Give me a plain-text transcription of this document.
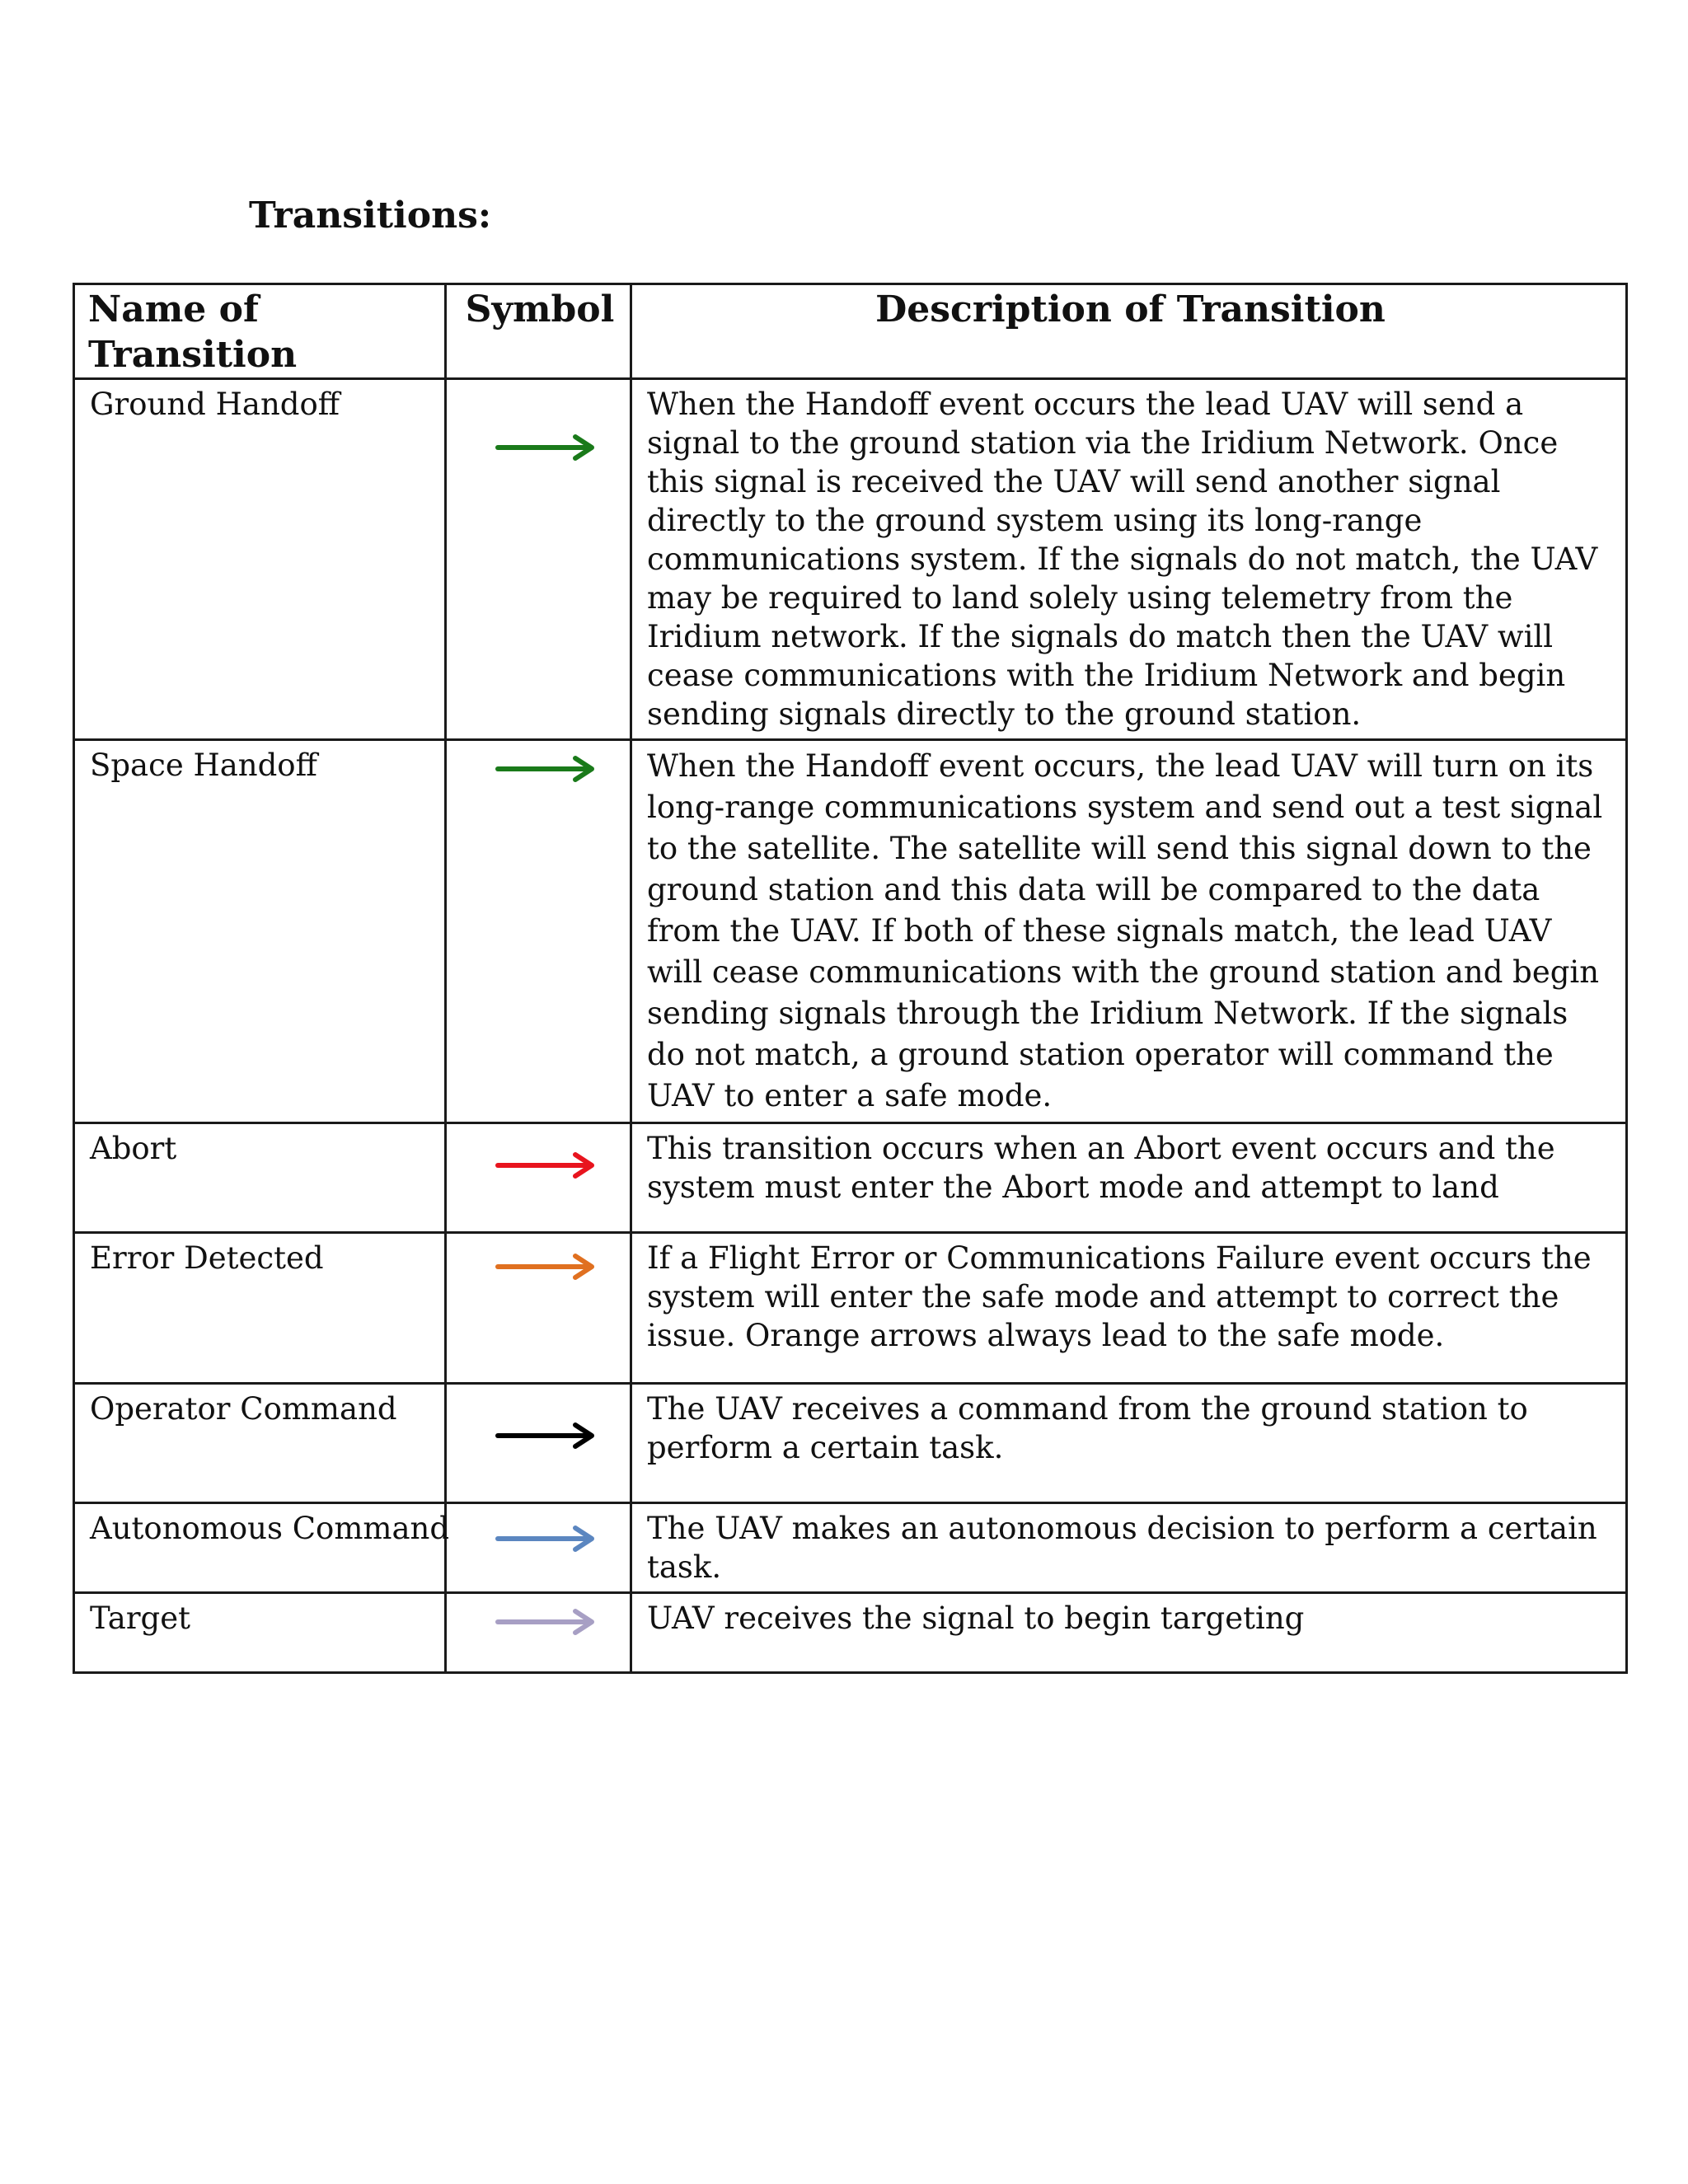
Transitions:
Name of Transition	Symbol	Description of Transition
Ground Handoff		When the Handoff event occurs the lead UAV will send a signal to the ground station via the Iridium Network. Once this signal is received the UAV will send another signal directly to the ground system using its long-range communications system. If the signals do not match, the UAV may be required to land solely using telemetry from the Iridium network. If the signals do match then the UAV will cease communications with the Iridium Network and begin sending signals directly to the ground station.
Space Handoff		When the Handoff event occurs, the lead UAV will turn on its long-range communications system and send out a test signal to the satellite. The satellite will send this signal down to the ground station and this data will be compared to the data from the UAV. If both of these signals match, the lead UAV will cease communications with the ground station and begin sending signals through the Iridium Network. If the signals do not match, a ground station operator will command the UAV to enter a safe mode.
Abort		This transition occurs when an Abort event occurs and the system must enter the Abort mode and attempt to land
Error Detected		If a Flight Error or Communications Failure event occurs the system will enter the safe mode and attempt to correct the issue. Orange arrows always lead to the safe mode.
Operator Command		The UAV receives a command from the ground station to perform a certain task.
Autonomous Command		The UAV makes an autonomous decision to perform a certain task.
Target		UAV receives the signal to begin targeting
